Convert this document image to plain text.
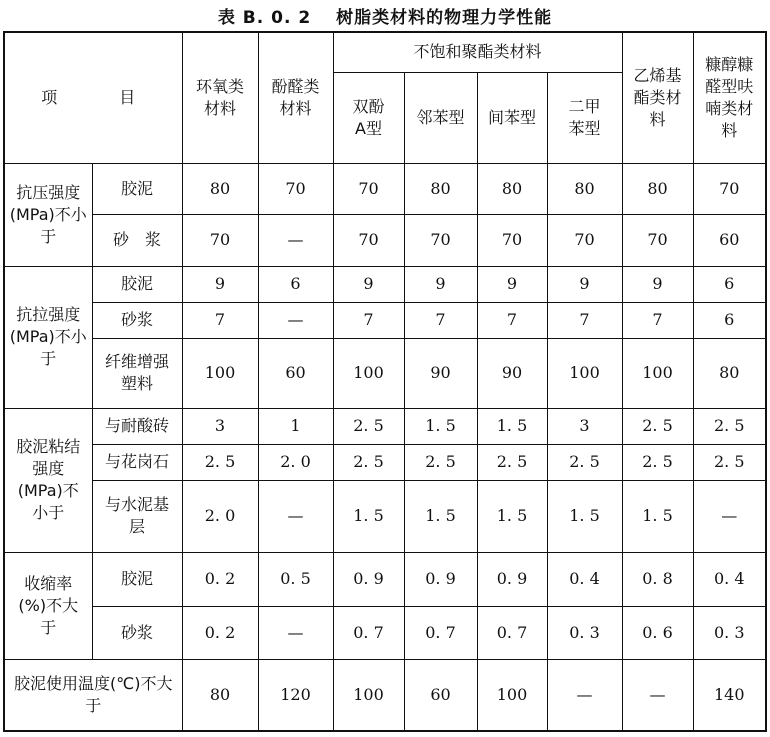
表 B. 0. 2　 树脂类材料的物理力学性能
项　　目		环氧类材料	酚醛类材料	不饱和聚酯类材料				乙烯基酯类材料	糠醇糠醛型呋喃类材料

				双酚A型	邻苯型	间苯型	二甲苯型		

抗压强度(MPa)不小于	胶泥	80	70	70	80	80	80	80	70
	砂　浆	70	—	70	70	70	70	70	60

抗拉强度(MPa)不小于	胶泥	9	6	9	9	9	9	9	6
	砂浆	7	—	7	7	7	7	7	6

	纤维增强塑料	100	60	100	90	90	100	100	80

胶泥粘结强度(MPa)不小于	与耐酸砖	3	1	2. 5	1. 5	1. 5	3	2. 5	2. 5
	与花岗石	2. 5	2. 0	2. 5	2. 5	2. 5	2. 5	2. 5	2. 5

	与水泥基层	2. 0	—	1. 5	1. 5	1. 5	1. 5	1. 5	—

收缩率(%)不大于	胶泥	0. 2	0. 5	0. 9	0. 9	0. 9	0. 4	0. 8	0. 4
	砂浆	0. 2	—	0. 7	0. 7	0. 7	0. 3	0. 6	0. 3

胶泥使用温度(℃)不大于		80	120	100	60	100	—	—	140
